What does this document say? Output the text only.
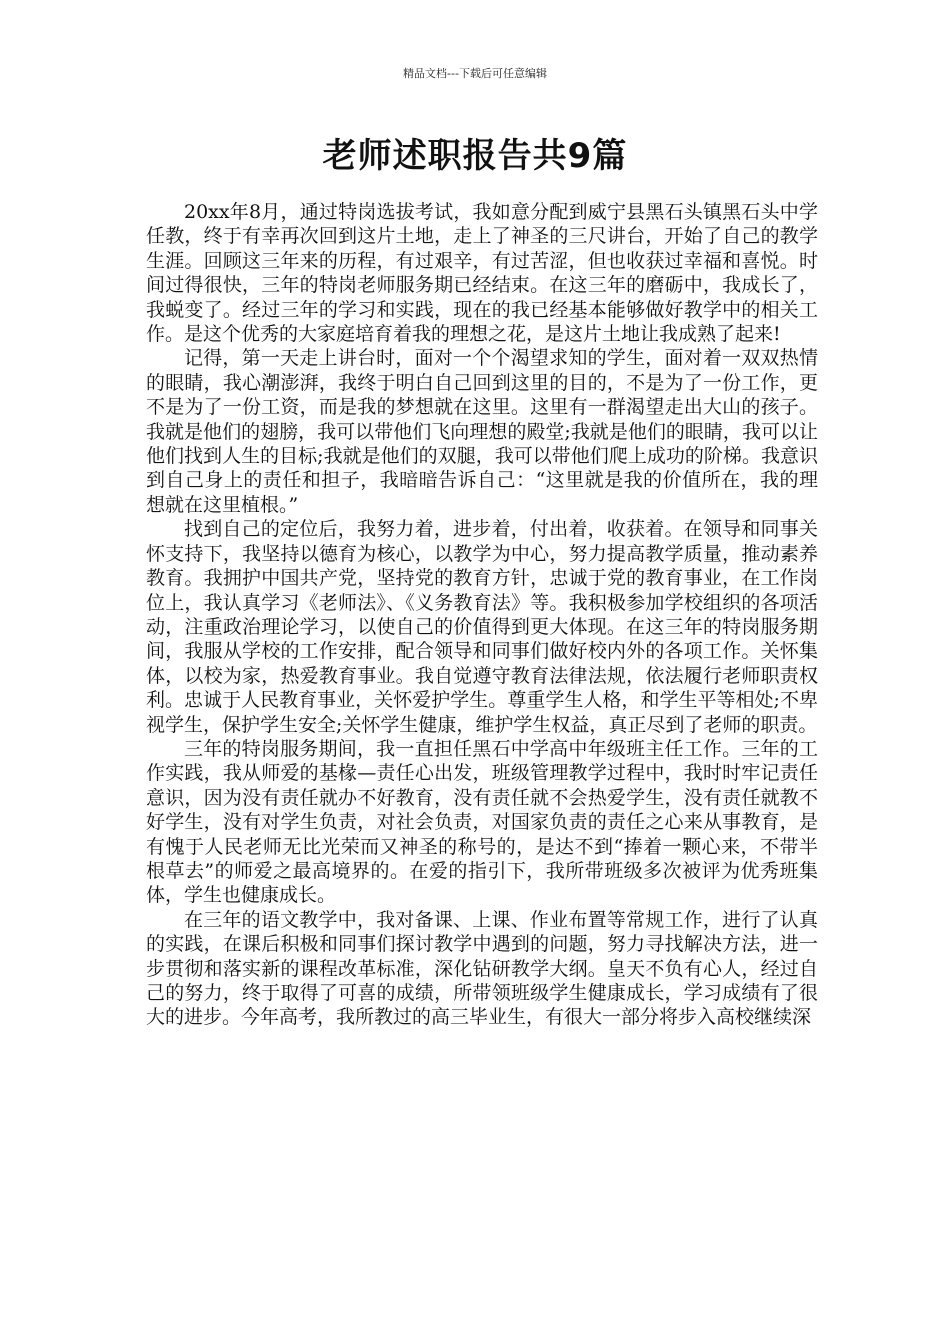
精品文档---下载后可任意编辑
老师述职报告共9篇

20xx年8月，通过特岗选拔考试，我如意分配到威宁县黑石头镇黑石头中学任教，终于有幸再次回到这片土地，走上了神圣的三尺讲台，开始了自己的教学生涯。回顾这三年来的历程，有过艰辛，有过苦涩，但也收获过幸福和喜悦。时间过得很快，三年的特岗老师服务期已经结束。在这三年的磨砺中，我成长了，我蜕变了。经过三年的学习和实践，现在的我已经基本能够做好教学中的相关工作。是这个优秀的大家庭培育着我的理想之花，是这片土地让我成熟了起来!

记得，第一天走上讲台时，面对一个个渴望求知的学生，面对着一双双热情的眼睛，我心潮澎湃，我终于明白自己回到这里的目的，不是为了一份工作，更不是为了一份工资，而是我的梦想就在这里。这里有一群渴望走出大山的孩子。我就是他们的翅膀，我可以带他们飞向理想的殿堂;我就是他们的眼睛，我可以让他们找到人生的目标;我就是他们的双腿，我可以带他们爬上成功的阶梯。我意识到自己身上的责任和担子，我暗暗告诉自己：“这里就是我的价值所在，我的理想就在这里植根。”

找到自己的定位后，我努力着，进步着，付出着，收获着。在领导和同事关怀支持下，我坚持以德育为核心，以教学为中心，努力提高教学质量，推动素养教育。我拥护中国共产党，坚持党的教育方针，忠诚于党的教育事业，在工作岗位上，我认真学习《老师法》、《义务教育法》等。我积极参加学校组织的各项活动，注重政治理论学习，以使自己的价值得到更大体现。在这三年的特岗服务期间，我服从学校的工作安排，配合领导和同事们做好校内外的各项工作。关怀集体，以校为家，热爱教育事业。我自觉遵守教育法律法规，依法履行老师职责权利。忠诚于人民教育事业，关怀爱护学生。尊重学生人格，和学生平等相处;不卑视学生，保护学生安全;关怀学生健康，维护学生权益，真正尽到了老师的职责。

三年的特岗服务期间，我一直担任黑石中学高中年级班主任工作。三年的工作实践，我从师爱的基椽—责任心出发，班级管理教学过程中，我时时牢记责任意识，因为没有责任就办不好教育，没有责任就不会热爱学生，没有责任就教不好学生，没有对学生负责，对社会负责，对国家负责的责任之心来从事教育，是有愧于人民老师无比光荣而又神圣的称号的，是达不到“捧着一颗心来，不带半根草去”的师爱之最高境界的。在爱的指引下，我所带班级多次被评为优秀班集体，学生也健康成长。

在三年的语文教学中，我对备课、上课、作业布置等常规工作，进行了认真的实践，在课后积极和同事们探讨教学中遇到的问题，努力寻找解决方法，进一步贯彻和落实新的课程改革标准，深化钻研教学大纲。皇天不负有心人，经过自己的努力，终于取得了可喜的成绩，所带领班级学生健康成长，学习成绩有了很大的进步。今年高考，我所教过的高三毕业生，有很大一部分将步入高校继续深
